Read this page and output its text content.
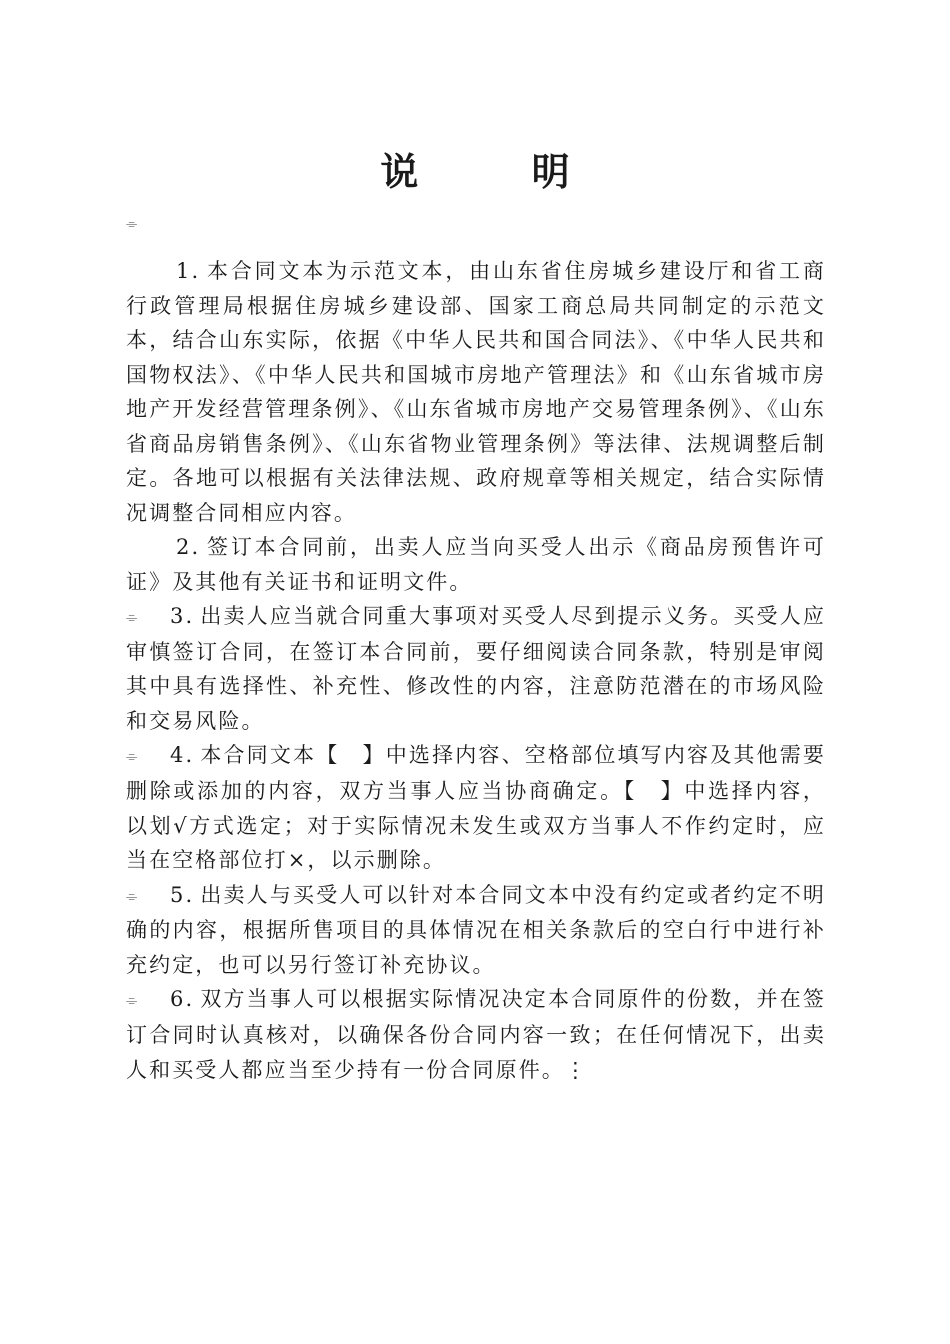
说 明
⌯

1. 本合同文本为示范文本，由山东省住房城乡建设厅和省工商行政管理局根据住房城乡建设部、国家工商总局共同制定的示范文本，结合山东实际，依据《中华人民共和国合同法》、《中华人民共和国物权法》、《中华人民共和国城市房地产管理法》和《山东省城市房地产开发经营管理条例》、《山东省城市房地产交易管理条例》、《山东省商品房销售条例》、《山东省物业管理条例》等法律、法规调整后制定。各地可以根据有关法律法规、政府规章等相关规定，结合实际情况调整合同相应内容。

2. 签订本合同前，出卖人应当向买受人出示《商品房预售许可证》及其他有关证书和证明文件。

⌯ 3. 出卖人应当就合同重大事项对买受人尽到提示义务。买受人应审慎签订合同，在签订本合同前，要仔细阅读合同条款，特别是审阅其中具有选择性、补充性、修改性的内容，注意防范潜在的市场风险和交易风险。

⌯ 4. 本合同文本【　】中选择内容、空格部位填写内容及其他需要删除或添加的内容，双方当事人应当协商确定。【　】中选择内容，以划√方式选定；对于实际情况未发生或双方当事人不作约定时，应当在空格部位打×，以示删除。

⌯ 5. 出卖人与买受人可以针对本合同文本中没有约定或者约定不明确的内容，根据所售项目的具体情况在相关条款后的空白行中进行补充约定，也可以另行签订补充协议。

⌯ 6. 双方当事人可以根据实际情况决定本合同原件的份数，并在签订合同时认真核对，以确保各份合同内容一致；在任何情况下，出卖人和买受人都应当至少持有一份合同原件。⋮
